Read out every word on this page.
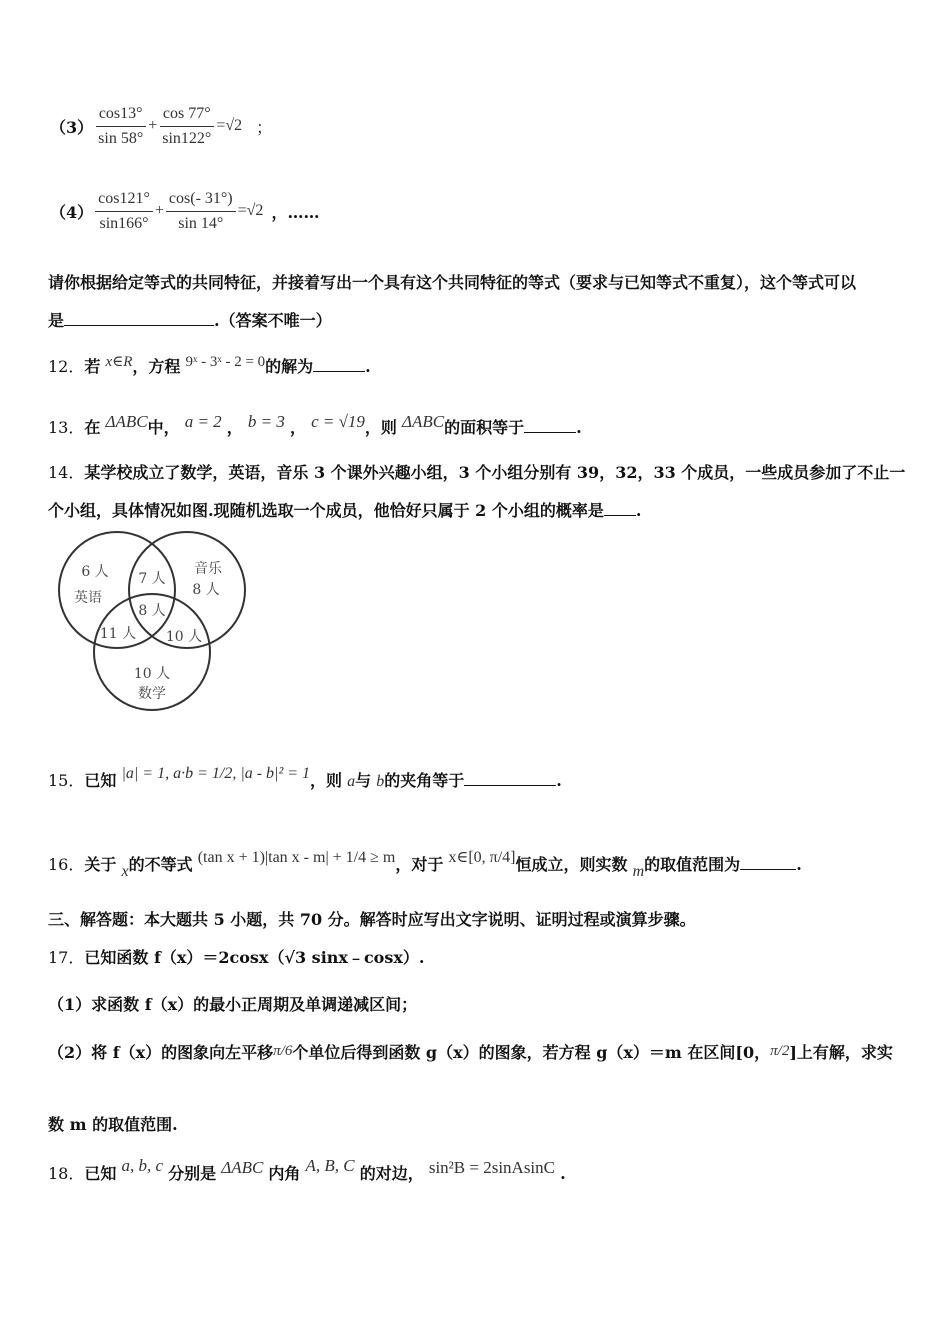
$(3) \frac{\cos 13^\circ}{\sin 58^\circ} + \frac{\cos 77^\circ}{\sin 122^\circ} =√2$ ；
$(4) \frac{\cos 121^\circ}{\sin 166^\circ} + \frac{\cos(- 31^\circ)}{\sin 14^\circ} =√2$ ，……
请你根据给定等式的共同特征，并接着写出一个具有这个共同特征的等式（要求与已知等式不重复），这个等式可以
是	.（答案不唯一）
12．若 x∈R，方程 9ˣ - 3ˣ - 2 = 0的解为	.
13．在 ΔABC中， a = 2 ， b = 3 ， c = √19，则 ΔABC的面积等于	.
14．某学校成立了数学，英语，音乐 3 个课外兴趣小组，3 个小组分别有 39，32，33 个成员，一些成员参加了不止一
个小组，具体情况如图.现随机选取一个成员，他恰好只属于 2 个小组的概率是 .
6 人
英语
7 人
音乐
8 人
8 人
11 人 10 人
10 人
数学
15．已知 |a| = 1, a·b = 1/2, |a - b|² = 1，则 a与 b的夹角等于	.
16．关于 x的不等式 (tan x + 1)|tan x - m| + 1/4 ≥ m，对于 x∈[0, π/4]恒成立，则实数 m的取值范围为	.
三、解答题：本大题共 5 小题，共 70 分。解答时应写出文字说明、证明过程或演算步骤。
17．已知函数 f（x）＝2cosx（√3 sinx﹣cosx）.
（1）求函数 f（x）的最小正周期及单调递减区间；
（2）将 f（x）的图象向左平移 π/6 个单位后得到函数 g（x）的图象，若方程 g（x）＝m 在区间[0， π/2 ]上有解，求实
数 m 的取值范围.
18．已知 a, b, c 分别是 ΔABC 内角 A, B, C 的对边， sin²B = 2sinAsinC .
